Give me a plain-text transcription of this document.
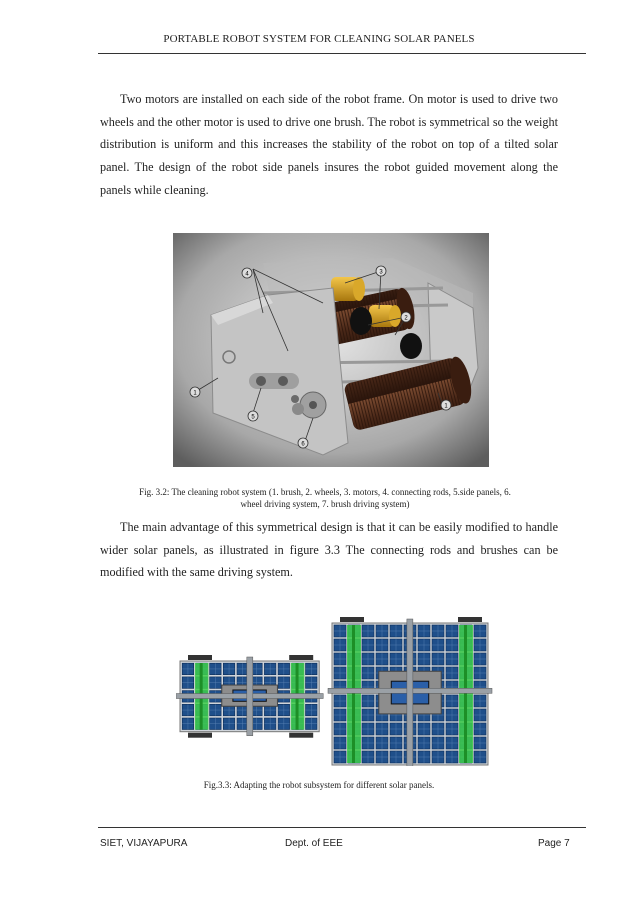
PORTABLE ROBOT SYSTEM FOR CLEANING SOLAR PANELS
Two motors are installed on each side of the robot frame. On motor is used to drive two wheels and the other motor is used to drive one brush. The robot is symmetrical so the weight distribution is uniform and this increases the stability of the robot on top of a tilted solar panel. The design of the robot side panels insures the robot guided movement along the panels while cleaning.
4	3
2
1
1
5
6
Fig. 3.2: The cleaning robot system (1. brush, 2. wheels, 3. motors, 4. connecting rods, 5.side panels, 6.
wheel driving system, 7. brush driving system)
The main advantage of this symmetrical design is that it can be easily modified to handle wider solar panels, as illustrated in figure 3.3 The connecting rods and brushes can be modified with the same driving system.
Fig.3.3: Adapting the robot subsystem for different solar panels.
SIET, VIJAYAPURA	Dept. of EEE	Page 7
